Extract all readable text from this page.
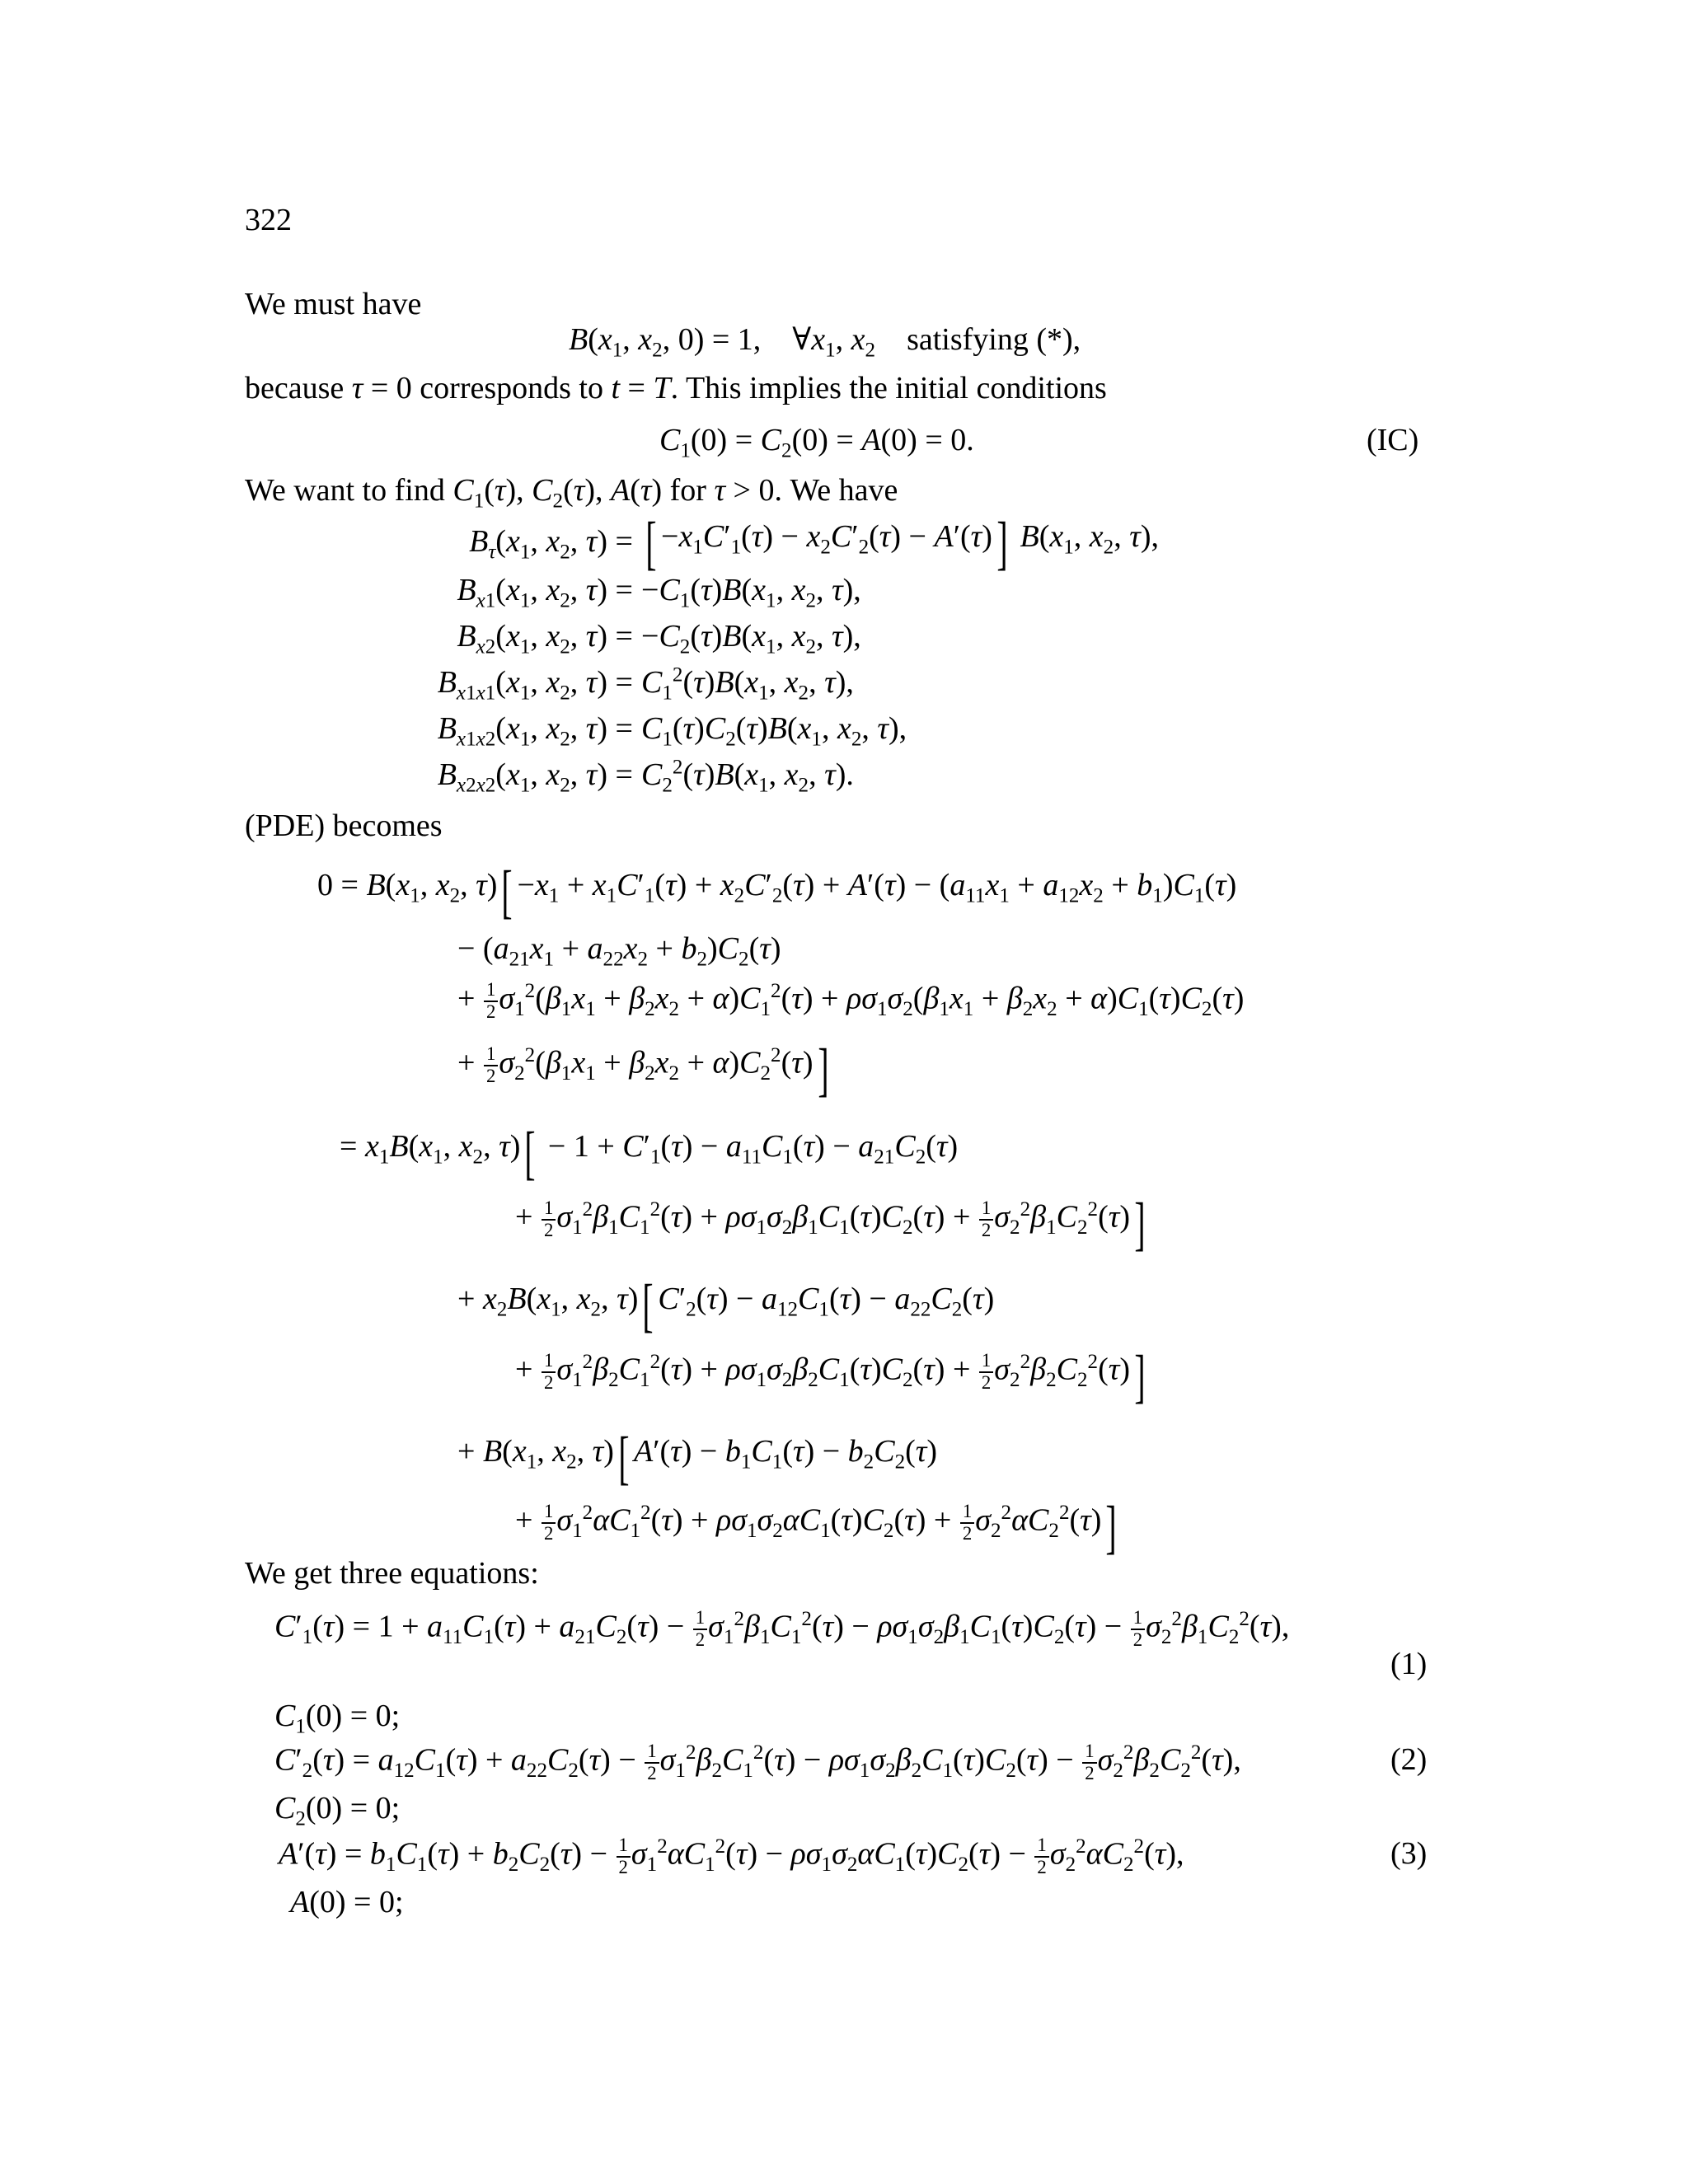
322
We must have
$B(x_1$, $x_2$, 0) = 1,    $\forall x_1$, $x_2$ satisfying (*),
because τ = 0 corresponds to t = T. This implies the initial conditions
$C_1(0) = C_2(0) = A(0) = 0$.	(IC)
We want to find $C_1(\tau)$, $C_2(\tau)$, A(τ) for τ > 0. We have
$B_\tau(x_1$, $x_2$, τ) = [ $-x_1C'_1(\tau) - x_2C'_2(\tau) - A'(\tau)$] $B(x_1$, $x_2$, τ),
$B_{x1}(x_1$, $x_2$, $\tau) = -C_1(\tau)B(x_1$, $x_2$, τ),
$B_{x2}(x_1$, $x_2$, $\tau) = -C_2(\tau)B(x_1$, $x_2$, τ),
$B_{x1x1}(x_1$, $x_2$, $\tau) = C_1^2(\tau)B(x_1$, $x_2$, τ),
$B_{x1x2}(x_1$, $x_2$, $\tau) = C_1(\tau)C_2(\tau)B(x_1$, $x_2$, τ),
$B_{x2x2}(x_1$, $x_2$, $\tau) = C_2^2(\tau)B(x_1$, $x_2$, τ).
(PDE) becomes
$0 = B(x_1$, $x_2$, $\tau)[ -x_1 + x_1C'_1(\tau) + x_2C'_2(\tau) + A'(\tau) - (a_{11}x_1 + a_{12}x_2 + b_1)C_1(\tau)$
− $(a_{21}x_1 + a_{22}x_2 + b_2)C_2(\tau)$
+ $\frac{1}{2} \sigma_1^2(\beta_1x_1 + \beta_2x_2 + \alpha)C_1^2(\tau) + \rho\sigma_1\sigma_2(\beta_1x_1 + \beta_2x_2 + \alpha)C_1(\tau)C_2(\tau)$
+ $\frac{1}{2} \sigma_2^2(\beta_1x_1 + \beta_2x_2 + \alpha)C_2^2(\tau)$]
= $x_1B(x_1$, $x_2$, $\tau)[ - 1 + C'_1(\tau) - a_{11}C_1(\tau) - a_{21}C_2(\tau)$
+ $\frac{1}{2} \sigma_1^2\beta_1C_1^2(\tau) + \rho\sigma_1\sigma_2\beta_1C_1(\tau)C_2(\tau) + \frac{1}{2} \sigma_2^2\beta_1C_2^2(\tau)$]
+ $x_2B(x_1$, $x_2$, τ)[ $C'_2(\tau) - a_{12}C_1(\tau) - a_{22}C_2(\tau)$
+ $\frac{1}{2} \sigma_1^2\beta_2C_1^2(\tau) + \rho\sigma_1\sigma_2\beta_2C_1(\tau)C_2(\tau) + \frac{1}{2} \sigma_2^2\beta_2C_2^2(\tau)$]
+ $B(x_1$, $x_2$, τ)[ $A'(\tau) - b_1C_1(\tau) - b_2C_2(\tau)$
+ $\frac{1}{2} \sigma_1^2\alpha C_1^2(\tau) + \rho\sigma_1\sigma_2\alpha C_1(\tau)C_2(\tau) + \frac{1}{2} \sigma_2^2\alpha C_2^2(\tau)$]
We get three equations:
$C'_1(\tau) = 1 + a_{11}C_1(\tau) + a_{21}C_2(\tau) - \frac{1}{2} \sigma_1^2\beta_1C_1^2(\tau) - \rho\sigma_1\sigma_2\beta_1C_1(\tau)C_2(\tau) - \frac{1}{2} \sigma_2^2\beta_1C_2^2(\tau)$,
(1)
$C_1(0) = 0$;
$C'_2(\tau) = a_{12}C_1(\tau) + a_{22}C_2(\tau) - \frac{1}{2} \sigma_1^2\beta_2C_1^2(\tau) - \rho\sigma_1\sigma_2\beta_2C_1(\tau)C_2(\tau) - \frac{1}{2} \sigma_2^2\beta_2C_2^2(\tau)$,	(2)
$C_2(0) = 0$;
$A'(\tau) = b_1C_1(\tau) + b_2C_2(\tau) - \frac{1}{2} \sigma_1^2\alpha C_1^2(\tau) - \rho\sigma_1\sigma_2\alpha C_1(\tau)C_2(\tau) - \frac{1}{2} \sigma_2^2\alpha C_2^2(\tau)$,	(3)
A(0) = 0;
